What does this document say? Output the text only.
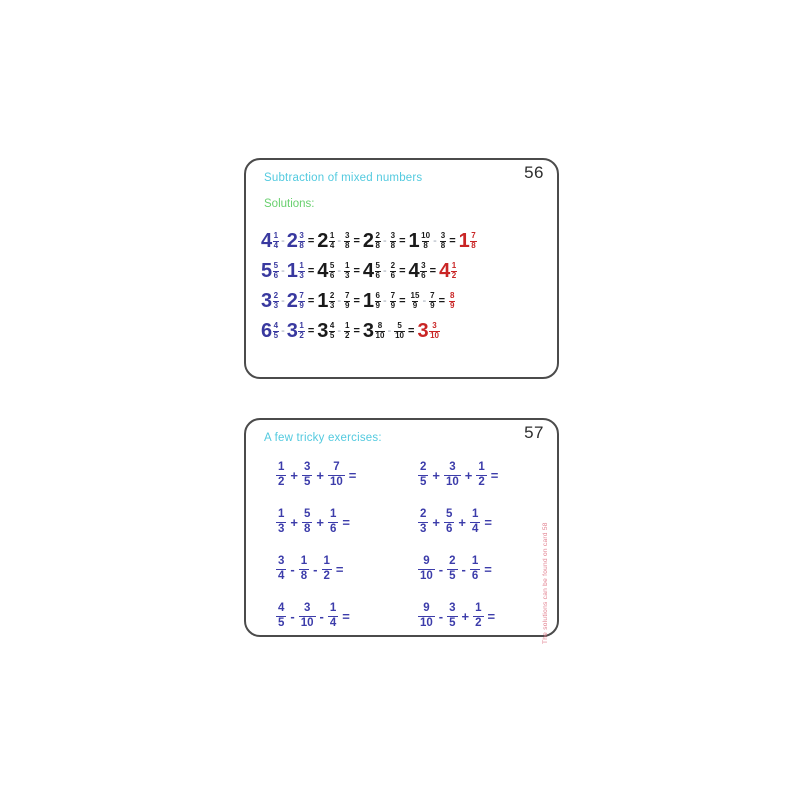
56
Subtraction of mixed numbers
Solutions:
$4 \frac{1}{4} - 2 \frac{3}{8} = 2 \frac{1}{4} - \frac{3}{8} = 2 \frac{2}{8} - \frac{3}{8} = 1 \frac{10}{8} - \frac{3}{8} = 1 \frac{7}{8}$
$5 \frac{5}{6} - 1 \frac{1}{3} = 4 \frac{5}{6} - \frac{1}{3} = 4 \frac{5}{6} - \frac{2}{6} = 4 \frac{3}{6} = 4 \frac{1}{2}$
$3 \frac{2}{3} - 2 \frac{7}{9} = 1 \frac{2}{3} - \frac{7}{9} = 1 \frac{6}{9} - \frac{7}{9} = \frac{15}{9} - \frac{7}{9} = \frac{8}{9}$
$6 \frac{4}{5} - 3 \frac{1}{2} = 3 \frac{4}{5} - \frac{1}{2} = 3 \frac{8}{10} - \frac{5}{10} = 3 \frac{3}{10}$
57
A few tricky exercises:
$\frac{1}{2} + \frac{3}{5} + \frac{7}{10}$ =
$\frac{1}{3} + \frac{5}{8} + \frac{1}{6}$ =
$\frac{3}{4} - \frac{1}{8} - \frac{1}{2}$ =
$\frac{4}{5} - \frac{3}{10} - \frac{1}{4}$ =
$\frac{2}{5} + \frac{3}{10} + \frac{1}{2}$ =
$\frac{2}{3} + \frac{5}{6} + \frac{1}{4}$ =
$\frac{9}{10} - \frac{2}{5} - \frac{1}{6}$ =
$\frac{9}{10} - \frac{3}{5} + \frac{1}{2}$ =	The solutions can be found on card 58
